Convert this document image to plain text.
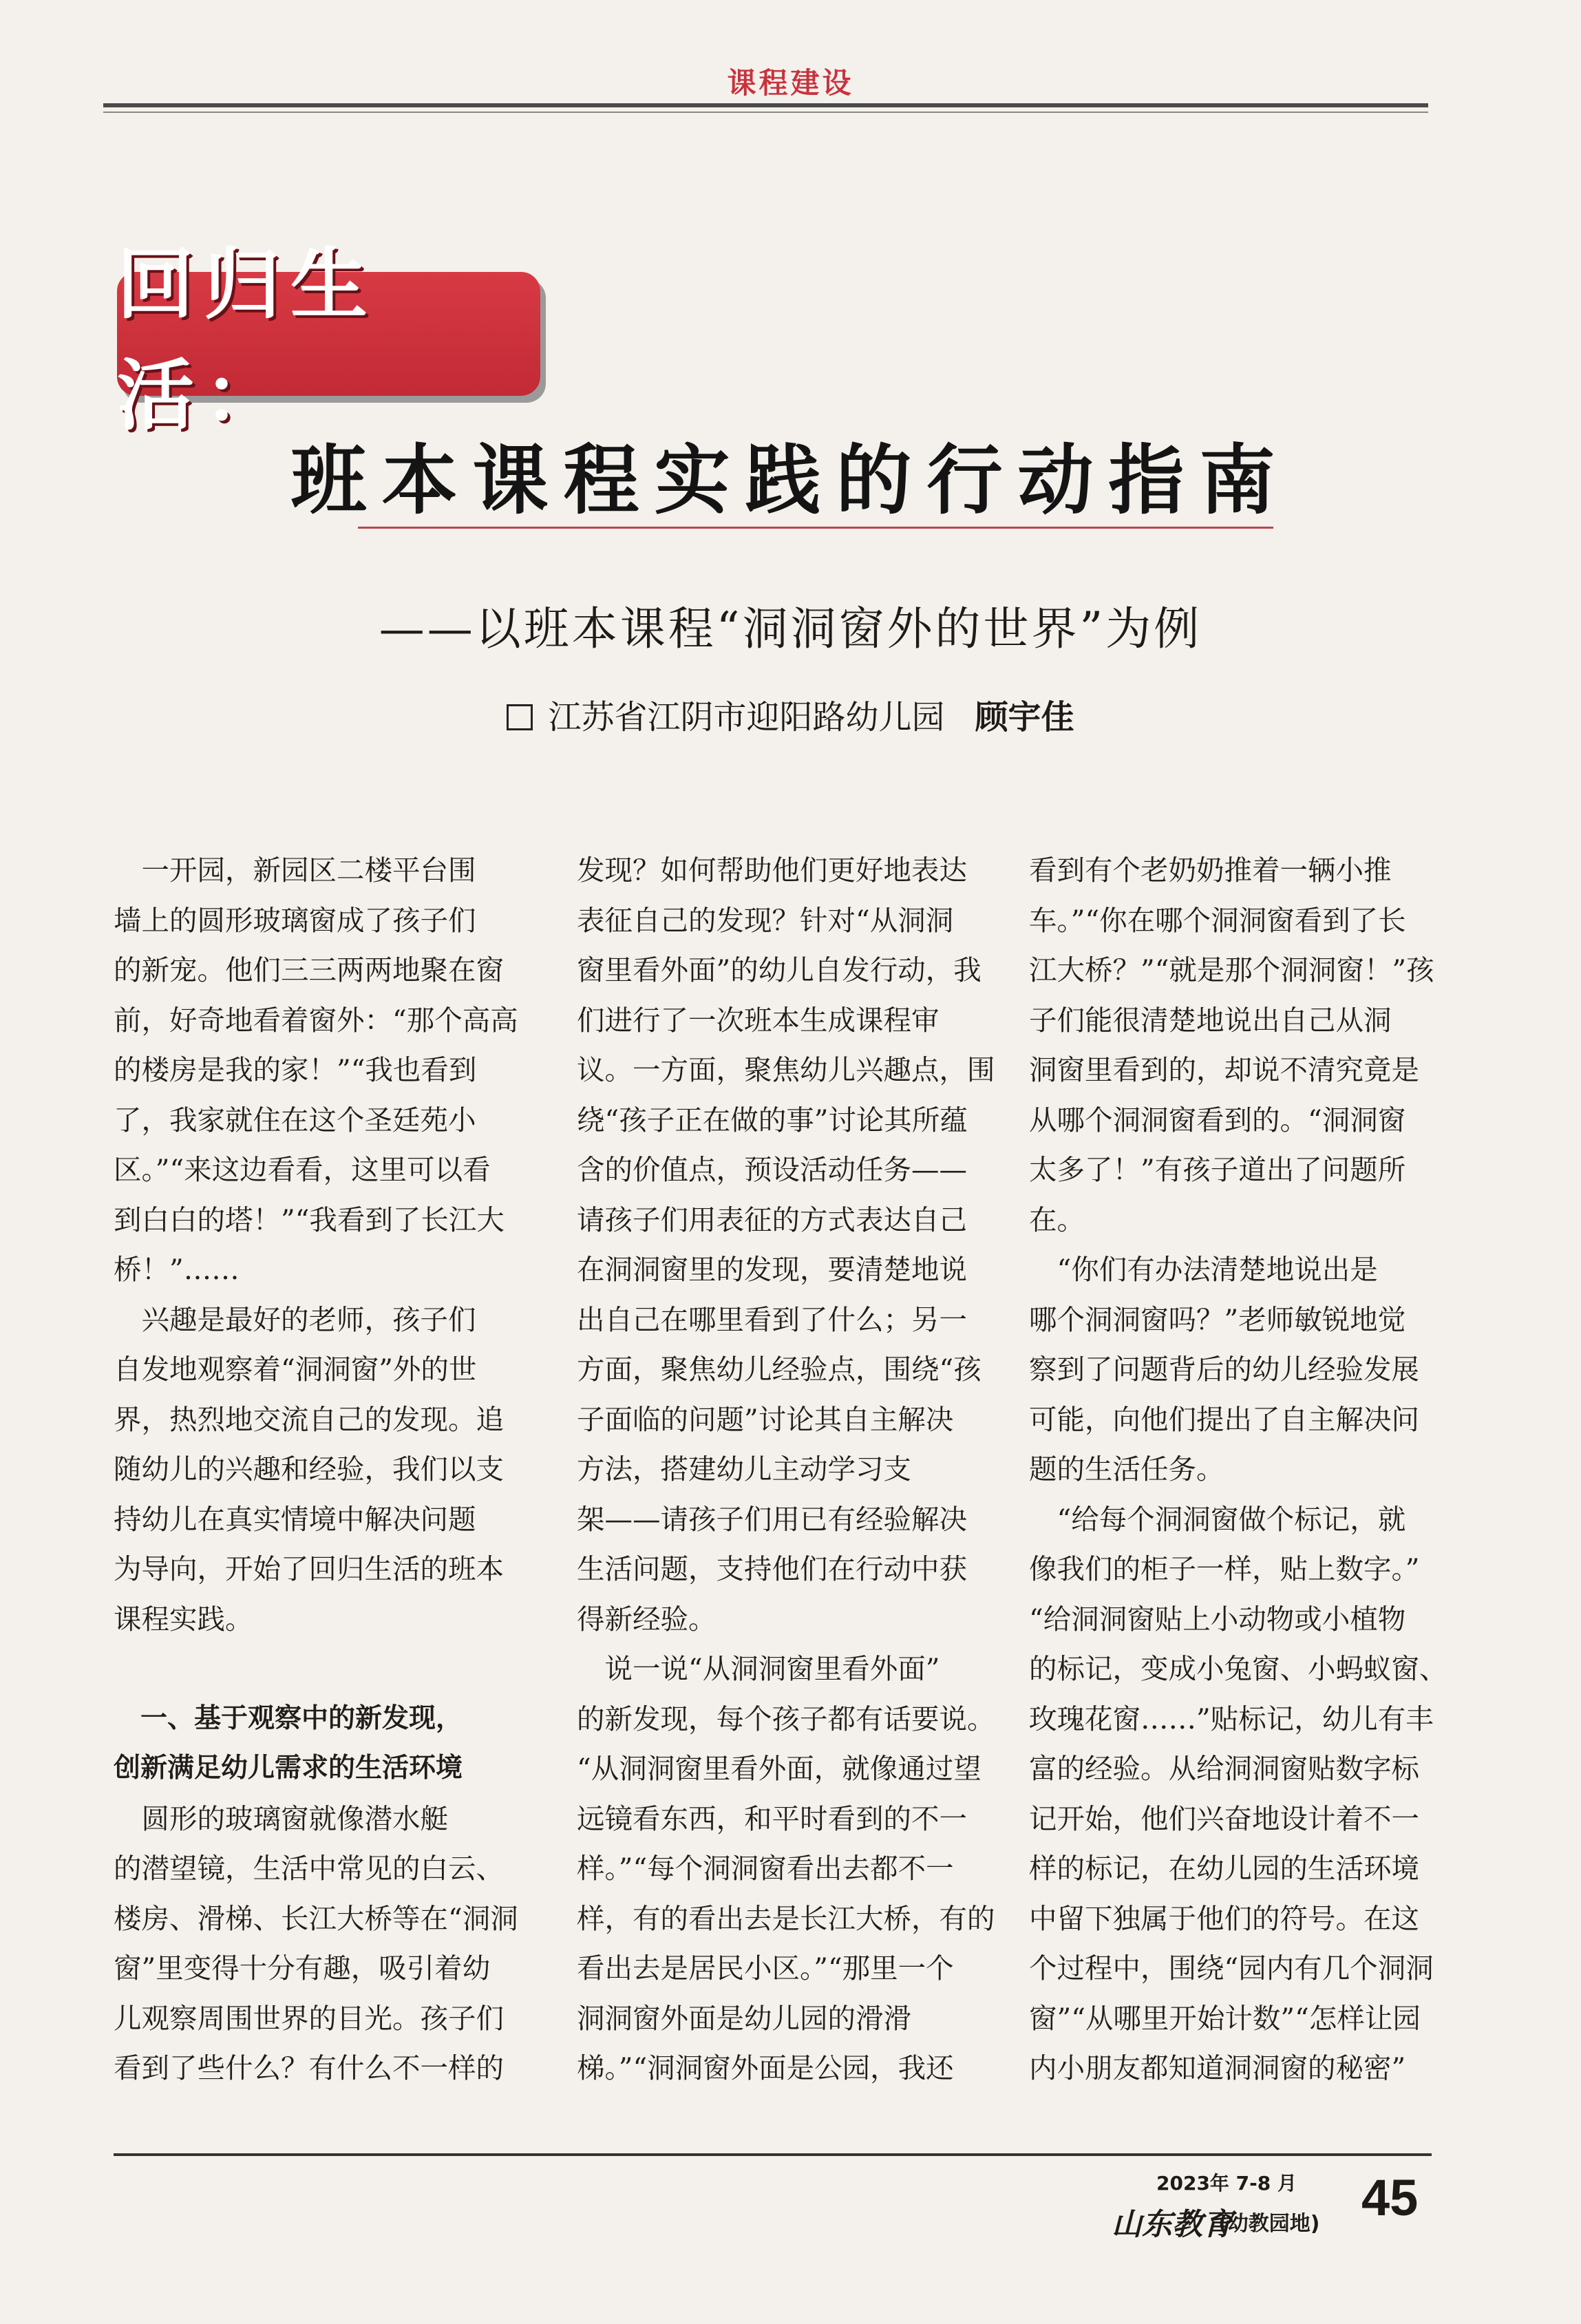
课程建设
回归生活：
班本课程实践的行动指南
——以班本课程“洞洞窗外的世界”为例
江苏省江阴市迎阳路幼儿园 顾宇佳
　一开园，新园区二楼平台围
墙上的圆形玻璃窗成了孩子们
的新宠。他们三三两两地聚在窗
前，好奇地看着窗外：“那个高高
的楼房是我的家！”“我也看到
了，我家就住在这个圣廷苑小
区。”“来这边看看，这里可以看
到白白的塔！”“我看到了长江大
桥！”……
　兴趣是最好的老师，孩子们
自发地观察着“洞洞窗”外的世
界，热烈地交流自己的发现。追
随幼儿的兴趣和经验，我们以支
持幼儿在真实情境中解决问题
为导向，开始了回归生活的班本
课程实践。
　一、基于观察中的新发现，
创新满足幼儿需求的生活环境
　圆形的玻璃窗就像潜水艇
的潜望镜，生活中常见的白云、
楼房、滑梯、长江大桥等在“洞洞
窗”里变得十分有趣，吸引着幼
儿观察周围世界的目光。孩子们
看到了些什么？有什么不一样的
发现？如何帮助他们更好地表达
表征自己的发现？针对“从洞洞
窗里看外面”的幼儿自发行动，我
们进行了一次班本生成课程审
议。一方面，聚焦幼儿兴趣点，围
绕“孩子正在做的事”讨论其所蕴
含的价值点，预设活动任务——
请孩子们用表征的方式表达自己
在洞洞窗里的发现，要清楚地说
出自己在哪里看到了什么；另一
方面，聚焦幼儿经验点，围绕“孩
子面临的问题”讨论其自主解决
方法，搭建幼儿主动学习支
架——请孩子们用已有经验解决
生活问题，支持他们在行动中获
得新经验。
　说一说“从洞洞窗里看外面”
的新发现，每个孩子都有话要说。
“从洞洞窗里看外面，就像通过望
远镜看东西，和平时看到的不一
样。”“每个洞洞窗看出去都不一
样，有的看出去是长江大桥，有的
看出去是居民小区。”“那里一个
洞洞窗外面是幼儿园的滑滑
梯。”“洞洞窗外面是公园，我还
看到有个老奶奶推着一辆小推
车。”“你在哪个洞洞窗看到了长
江大桥？”“就是那个洞洞窗！”孩
子们能很清楚地说出自己从洞
洞窗里看到的，却说不清究竟是
从哪个洞洞窗看到的。“洞洞窗
太多了！”有孩子道出了问题所
在。
　“你们有办法清楚地说出是
哪个洞洞窗吗？”老师敏锐地觉
察到了问题背后的幼儿经验发展
可能，向他们提出了自主解决问
题的生活任务。
　“给每个洞洞窗做个标记，就
像我们的柜子一样，贴上数字。”
“给洞洞窗贴上小动物或小植物
的标记，变成小兔窗、小蚂蚁窗、
玫瑰花窗……”贴标记，幼儿有丰
富的经验。从给洞洞窗贴数字标
记开始，他们兴奋地设计着不一
样的标记，在幼儿园的生活环境
中留下独属于他们的符号。在这
个过程中，围绕“园内有几个洞洞
窗”“从哪里开始计数”“怎样让园
内小朋友都知道洞洞窗的秘密”
2023年 7-8 月
山东教育
(幼教园地) 45
